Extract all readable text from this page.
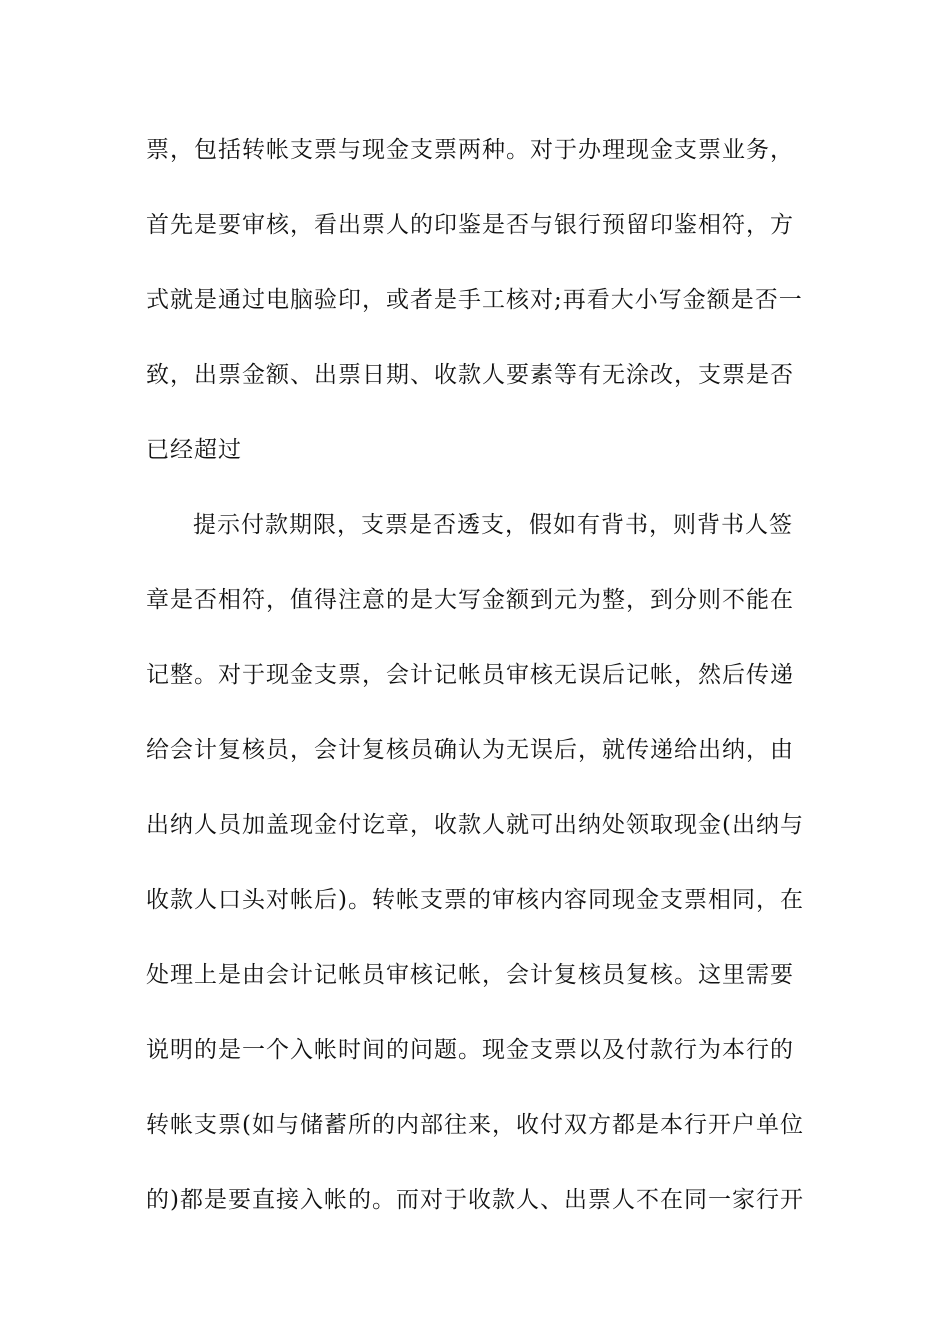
票，包括转帐支票与现金支票两种。对于办理现金支票业务，
首先是要审核，看出票人的印鉴是否与银行预留印鉴相符，方
式就是通过电脑验印，或者是手工核对;再看大小写金额是否一
致，出票金额、出票日期、收款人要素等有无涂改，支票是否
已经超过
提示付款期限，支票是否透支，假如有背书，则背书人签
章是否相符，值得注意的是大写金额到元为整，到分则不能在
记整。对于现金支票，会计记帐员审核无误后记帐，然后传递
给会计复核员，会计复核员确认为无误后，就传递给出纳，由
出纳人员加盖现金付讫章，收款人就可出纳处领取现金(出纳与
收款人口头对帐后)。转帐支票的审核内容同现金支票相同，在
处理上是由会计记帐员审核记帐，会计复核员复核。这里需要
说明的是一个入帐时间的问题。现金支票以及付款行为本行的
转帐支票(如与储蓄所的内部往来，收付双方都是本行开户单位
的)都是要直接入帐的。而对于收款人、出票人不在同一家行开
